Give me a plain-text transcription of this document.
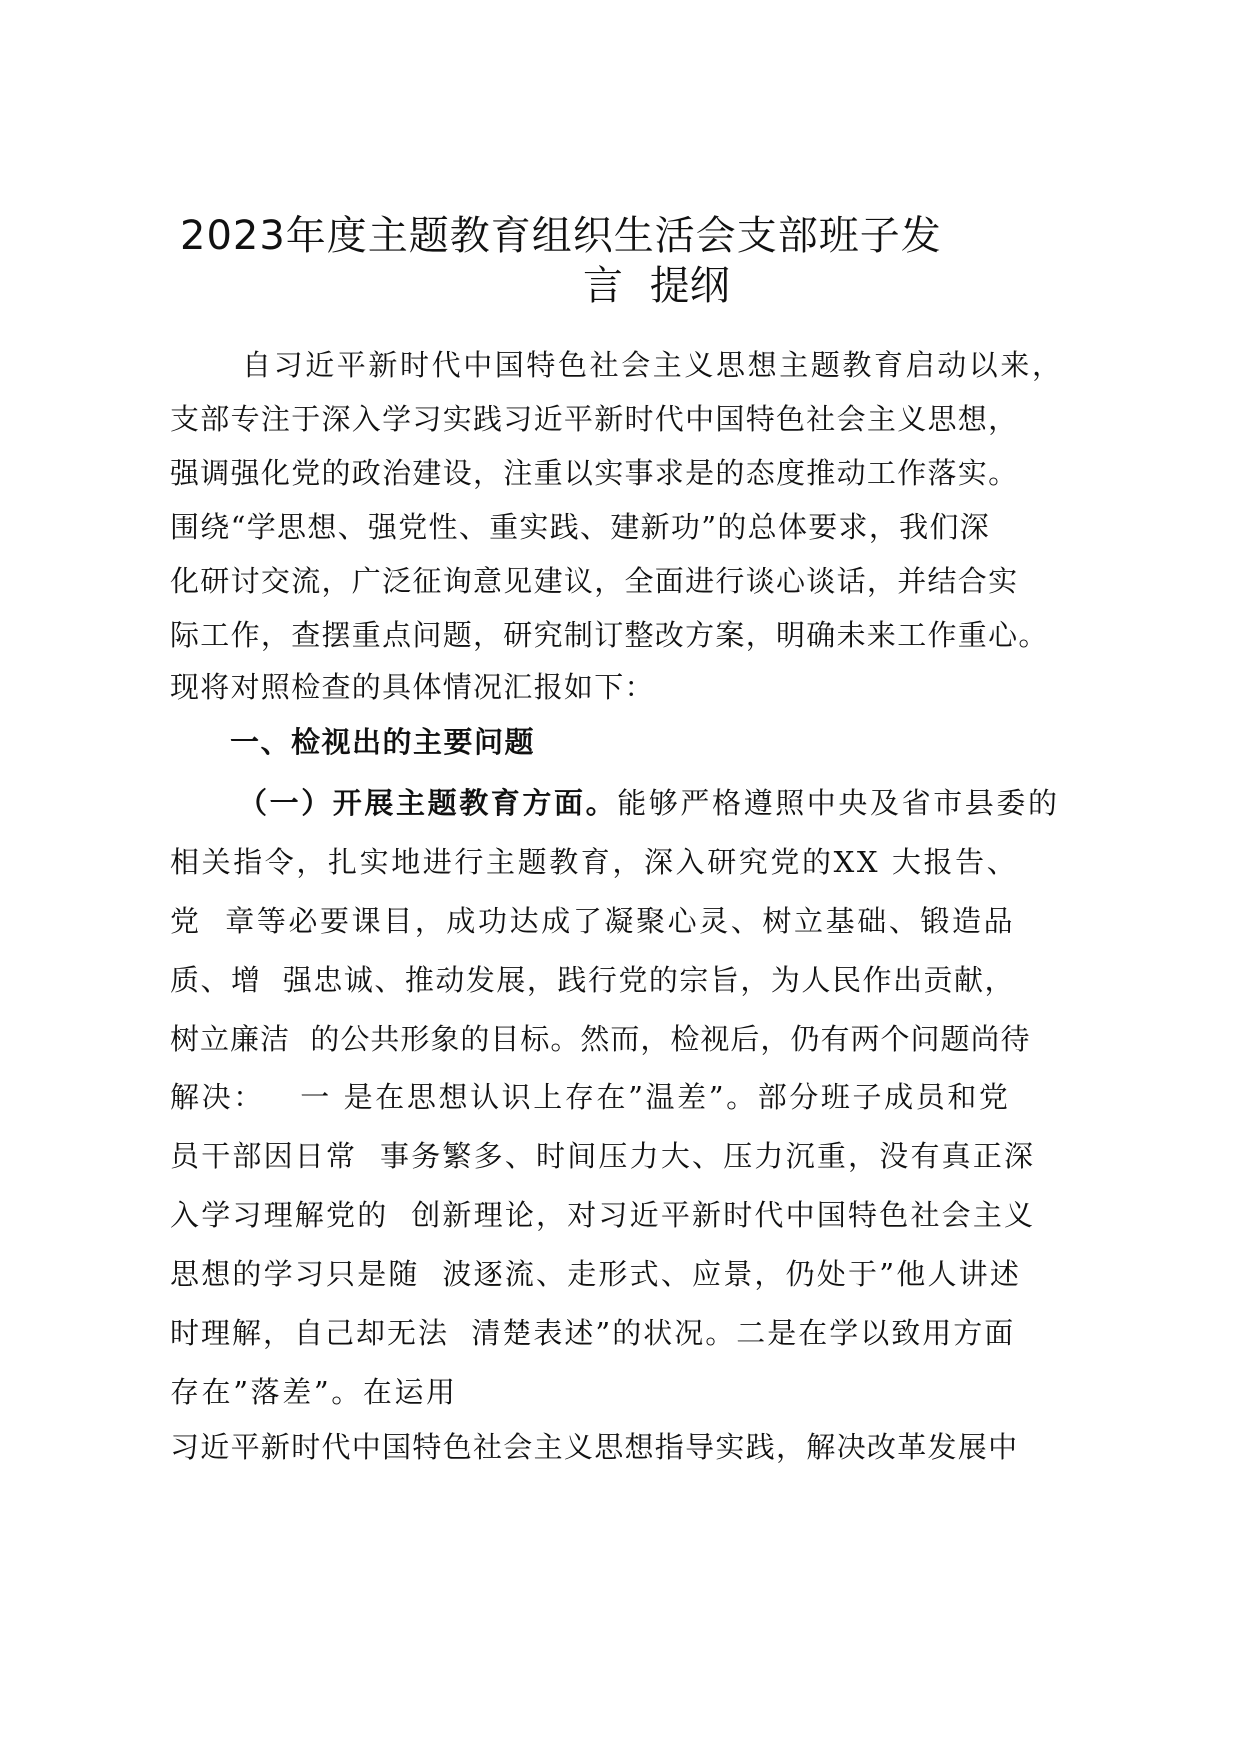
2023年度主题教育组织生活会支部班子发
言 提纲

自习近平新时代中国特色社会主义思想主题教育启动以来，

支部专注于深入学习实践习近平新时代中国特色社会主义思想，

强调强化党的政治建设，注重以实事求是的态度推动工作落实。

围绕“学思想、强党性、重实践、建新功”的总体要求，我们深

化研讨交流，广泛征询意见建议，全面进行谈心谈话，并结合实

际工作，查摆重点问题，研究制订整改方案，明确未来工作重心。

现将对照检查的具体情况汇报如下：

一、检视出的主要问题

（一）开展主题教育方面。能够严格遵照中央及省市县委的

相关指令，扎实地进行主题教育，深入研究党的XX 大报告、

党  章等必要课目，成功达成了凝聚心灵、树立基础、锻造品

质、增  强忠诚、推动发展，践行党的宗旨，为人民作出贡献，

树立廉洁  的公共形象的目标。然而，检视后，仍有两个问题尚待

解决：   一 是在思想认识上存在”温差”。部分班子成员和党

员干部因日常  事务繁多、时间压力大、压力沉重，没有真正深

入学习理解党的  创新理论，对习近平新时代中国特色社会主义

思想的学习只是随  波逐流、走形式、应景，仍处于”他人讲述

时理解，自己却无法  清楚表述”的状况。二是在学以致用方面

存在”落差”。在运用

习近平新时代中国特色社会主义思想指导实践，解决改革发展中
